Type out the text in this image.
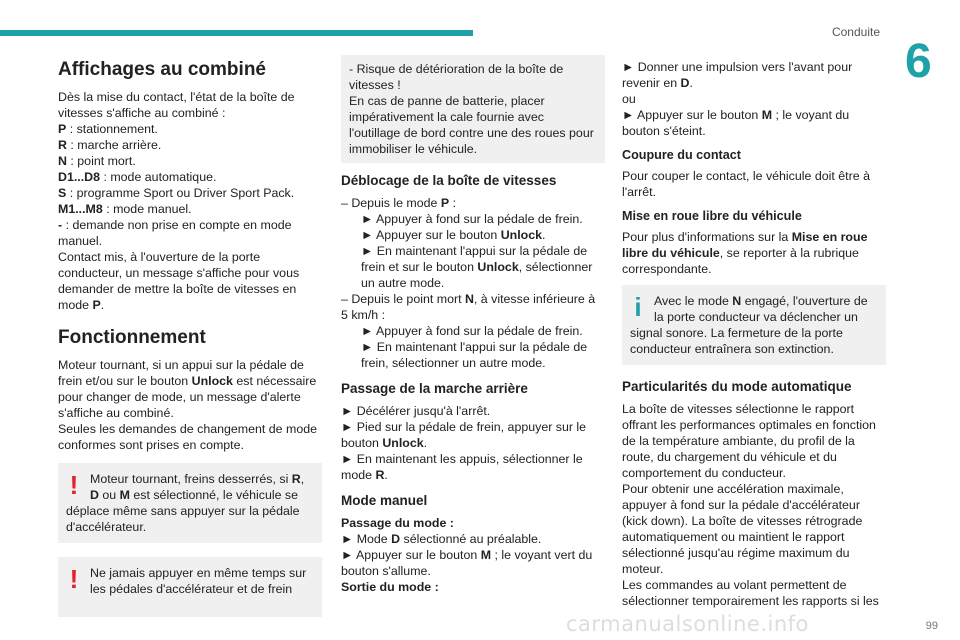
Conduite
6
Affichages au combiné

Dès la mise du contact, l'état de la boîte de vitesses s'affiche au combiné :

P : stationnement.
R : marche arrière.
N : point mort.
D1...D8 : mode automatique.
S : programme Sport ou Driver Sport Pack.
M1...M8 : mode manuel.
- : demande non prise en compte en mode manuel.

Contact mis, à l'ouverture de la porte conducteur, un message s'affiche pour vous demander de mettre la boîte de vitesses en mode P.

Fonctionnement

Moteur tournant, si un appui sur la pédale de frein et/ou sur le bouton Unlock est nécessaire pour changer de mode, un message d'alerte s'affiche au combiné.

Seules les demandes de changement de mode conformes sont prises en compte.

! Moteur tournant, freins desserrés, si R, D ou M est sélectionné, le véhicule se déplace même sans appuyer sur la pédale d'accélérateur.
! Ne jamais appuyer en même temps sur les pédales d'accélérateur et de frein
- Risque de détérioration de la boîte de vitesses !
En cas de panne de batterie, placer impérativement la cale fournie avec l'outillage de bord contre une des roues pour immobiliser le véhicule.
Déblocage de la boîte de vitesses
– Depuis le mode P :
► Appuyer à fond sur la pédale de frein.
► Appuyer sur le bouton Unlock.
► En maintenant l'appui sur la pédale de frein et sur le bouton Unlock, sélectionner un autre mode.
– Depuis le point mort N, à vitesse inférieure à 5 km/h :
► Appuyer à fond sur la pédale de frein.
► En maintenant l'appui sur la pédale de frein, sélectionner un autre mode.
Passage de la marche arrière
► Décélérer jusqu'à l'arrêt.
► Pied sur la pédale de frein, appuyer sur le bouton Unlock.
► En maintenant les appuis, sélectionner le mode R.
Mode manuel
Passage du mode :
► Mode D sélectionné au préalable.
► Appuyer sur le bouton M ; le voyant vert du bouton s'allume.
Sortie du mode :
► Donner une impulsion vers l'avant pour revenir en D.
ou
► Appuyer sur le bouton M ; le voyant du bouton s'éteint.
Coupure du contact

Pour couper le contact, le véhicule doit être à l'arrêt.

Mise en roue libre du véhicule

Pour plus d'informations sur la Mise en roue libre du véhicule, se reporter à la rubrique correspondante.

i Avec le mode N engagé, l'ouverture de la porte conducteur va déclencher un signal sonore. La fermeture de la porte conducteur entraînera son extinction.
Particularités du mode automatique

La boîte de vitesses sélectionne le rapport offrant les performances optimales en fonction de la température ambiante, du profil de la route, du chargement du véhicule et du comportement du conducteur.

Pour obtenir une accélération maximale, appuyer à fond sur la pédale d'accélérateur (kick down). La boîte de vitesses rétrograde automatiquement ou maintient le rapport sélectionné jusqu'au régime maximum du moteur.

Les commandes au volant permettent de sélectionner temporairement les rapports si les

99
carmanualsonline.info
